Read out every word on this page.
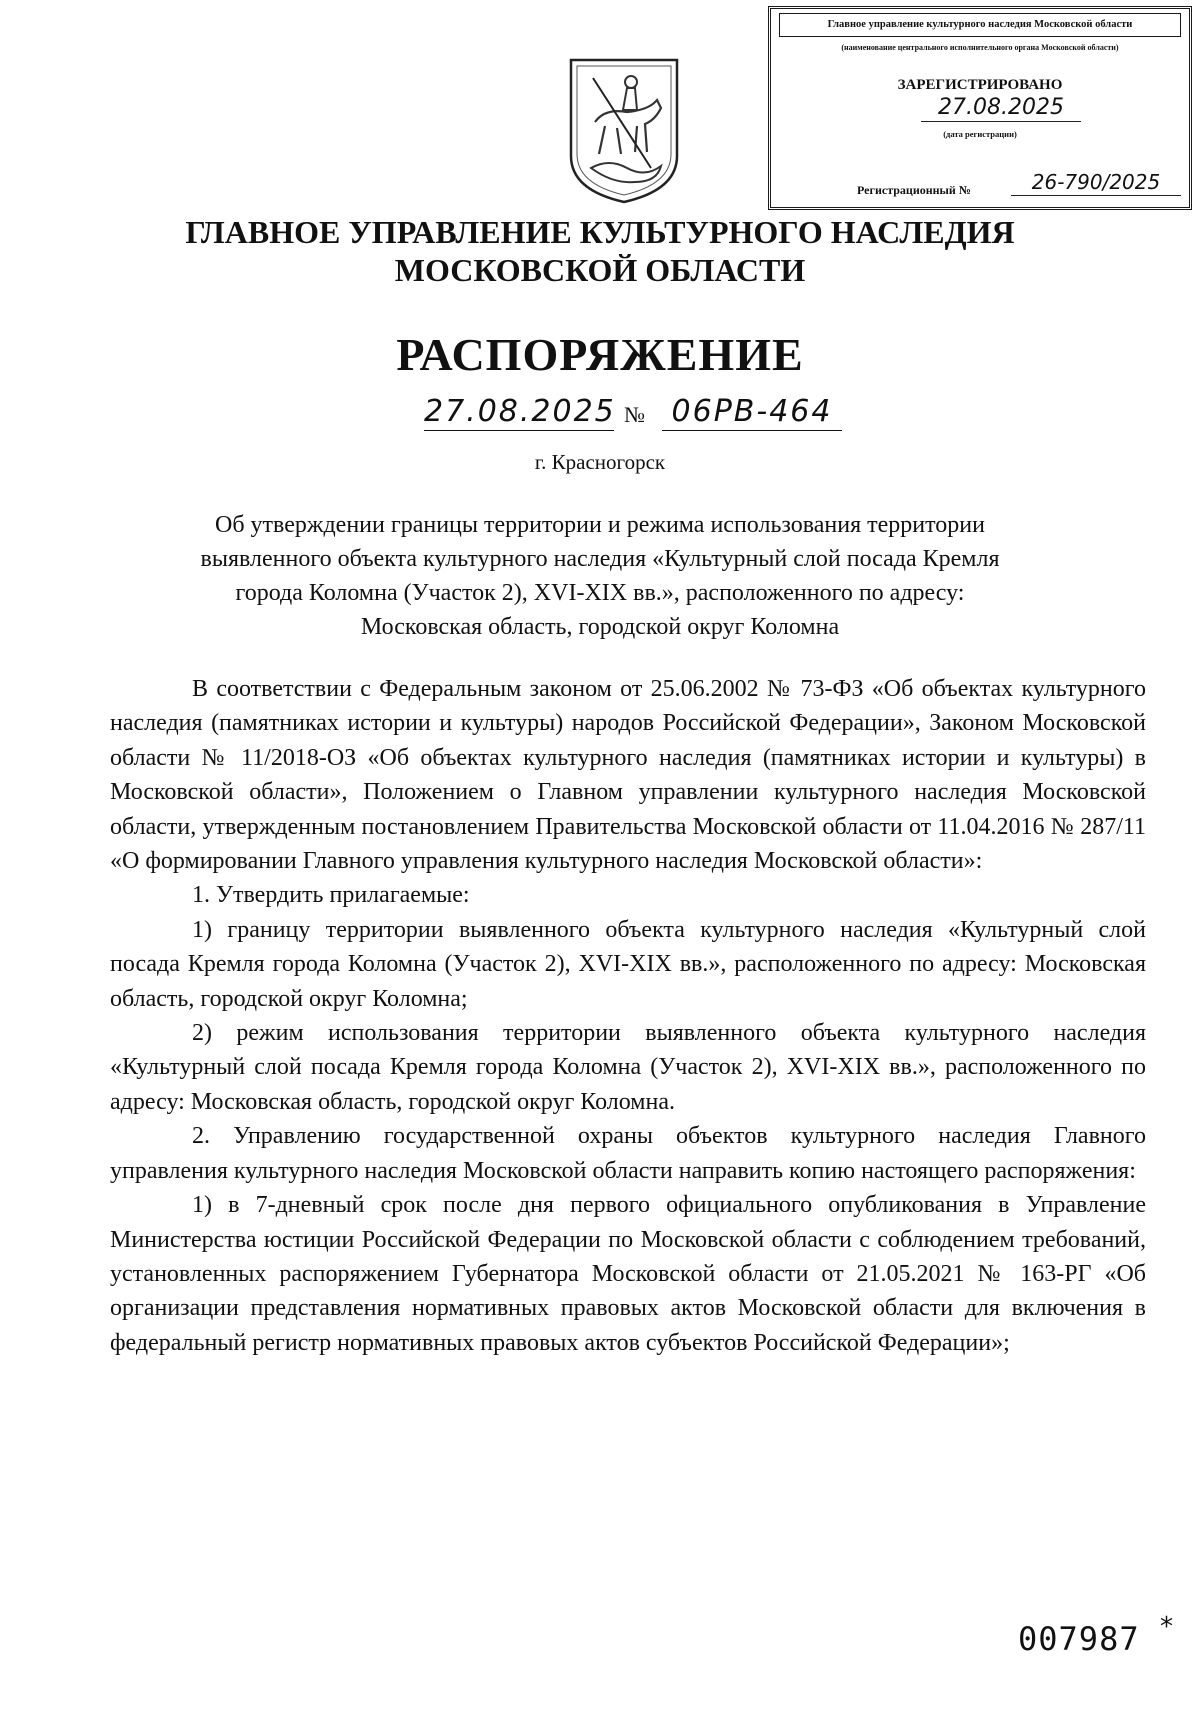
Главное управление культурного наследия Московской области
(наименование центрального исполнительного органа Московской области)
ЗАРЕГИСТРИРОВАНО
27.08.2025
(дата регистрации)
Регистрационный №	26-790/2025
ГЛАВНОЕ УПРАВЛЕНИЕ КУЛЬТУРНОГО НАСЛЕДИЯ
МОСКОВСКОЙ ОБЛАСТИ
РАСПОРЯЖЕНИЕ
27.08.2025 № 06РВ-464
г. Красногорск
Об утверждении границы территории и режима использования территории
выявленного объекта культурного наследия «Культурный слой посада Кремля
города Коломна (Участок 2), XVI-XIX вв.», расположенного по адресу:
Московская область, городской округ Коломна

В соответствии с Федеральным законом от 25.06.2002 № 73-ФЗ «Об объектах культурного наследия (памятниках истории и культуры) народов Российской Федерации», Законом Московской области № 11/2018-ОЗ «Об объектах культурного наследия (памятниках истории и культуры) в Московской области», Положением о Главном управлении культурного наследия Московской области, утвержденным постановлением Правительства Московской области от 11.04.2016 № 287/11 «О формировании Главного управления культурного наследия Московской области»:

1. Утвердить прилагаемые:

1) границу территории выявленного объекта культурного наследия «Культурный слой посада Кремля города Коломна (Участок 2), XVI-XIX вв.», расположенного по адресу: Московская область, городской округ Коломна;

2) режим использования территории выявленного объекта культурного наследия «Культурный слой посада Кремля города Коломна (Участок 2), XVI-XIX вв.», расположенного по адресу: Московская область, городской округ Коломна.

2. Управлению государственной охраны объектов культурного наследия Главного управления культурного наследия Московской области направить копию настоящего распоряжения:

1) в 7-дневный срок после дня первого официального опубликования в Управление Министерства юстиции Российской Федерации по Московской области с соблюдением требований, установленных распоряжением Губернатора Московской области от 21.05.2021 № 163-РГ «Об организации представления нормативных правовых актов Московской области для включения в федеральный регистр нормативных правовых актов субъектов Российской Федерации»;

007987 *
